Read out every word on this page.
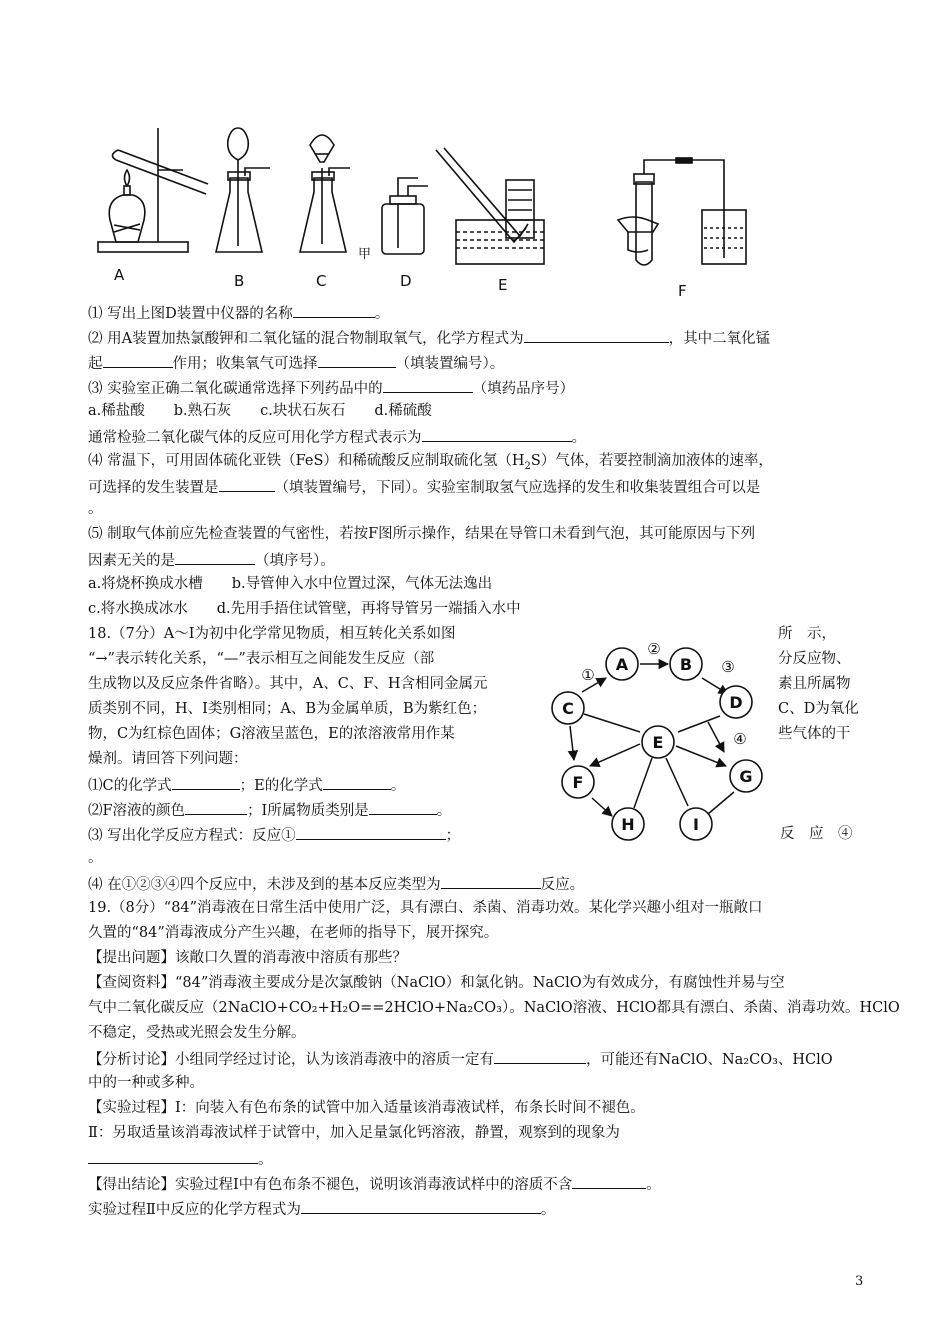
A	B	C	D	E	F
甲
⑴ 写出上图D装置中仪器的名称	。
⑵ 用A装置加热氯酸钾和二氧化锰的混合物制取氧气，化学方程式为	，其中二氧化锰
起	作用；收集氧气可选择	（填装置编号）。
⑶ 实验室正确二氧化碳通常选择下列药品中的	（填药品序号）
a.稀盐酸　　b.熟石灰　　c.块状石灰石　　d.稀硫酸
通常检验二氧化碳气体的反应可用化学方程式表示为	。
⑷ 常温下，可用固体硫化亚铁（FeS）和稀硫酸反应制取硫化氢$(H_2S)$气体，若要控制滴加液体的速率，
可选择的发生装置是	（填装置编号，下同）。实验室制取氢气应选择的发生和收集装置组合可以是
。
⑸ 制取气体前应先检查装置的气密性，若按F图所示操作，结果在导管口未看到气泡，其可能原因与下列
因素无关的是	（填序号）。
a.将烧杯换成水槽　　b.导管伸入水中位置过深，气体无法逸出
c.将水换成冰水　　d.先用手捂住试管壁，再将导管另一端插入水中
18.（7分）A～I为初中化学常见物质，相互转化关系如图	所　示，
“→”表示转化关系，“—”表示相互之间能发生反应（部	分反应物、
生成物以及反应条件省略）。其中，A、C、F、H含相同金属元	素且所属物
质类别不同，H、I类别相同；A、B为金属单质，B为紫红色；	C、D为氧化
物，C为红棕色固体；G溶液呈蓝色，E的浓溶液常用作某	些气体的干
燥剂。请回答下列问题：
⑴C的化学式	；E的化学式	。
⑵F溶液的颜色	；I所属物质类别是	。
⑶ 写出化学反应方程式：反应①	；	反　应　④
。
⑷ 在①②③④四个反应中，未涉及到的基本反应类型为	反应。
A	B
C	D
E
F	G
H	I
①
②
③
④
19.（8分）“84”消毒液在日常生活中使用广泛，具有漂白、杀菌、消毒功效。某化学兴趣小组对一瓶敞口
久置的“84”消毒液成分产生兴趣，在老师的指导下，展开探究。
【提出问题】该敞口久置的消毒液中溶质有那些？
【查阅资料】“84”消毒液主要成分是次氯酸钠（NaClO）和氯化钠。NaClO为有效成分，有腐蚀性并易与空
气中二氧化碳反应（2NaClO+CO₂+H₂O==2HClO+Na₂CO₃）。NaClO溶液、HClO都具有漂白、杀菌、消毒功效。HClO
不稳定，受热或光照会发生分解。
【分析讨论】小组同学经过讨论，认为该消毒液中的溶质一定有	，可能还有NaClO、Na₂CO₃、HClO
中的一种或多种。
【实验过程】Ⅰ：向装入有色布条的试管中加入适量该消毒液试样，布条长时间不褪色。
Ⅱ：另取适量该消毒液试样于试管中，加入足量氯化钙溶液，静置，观察到的现象为
。
【得出结论】实验过程Ⅰ中有色布条不褪色，说明该消毒液试样中的溶质不含	。
实验过程Ⅱ中反应的化学方程式为	。
3
